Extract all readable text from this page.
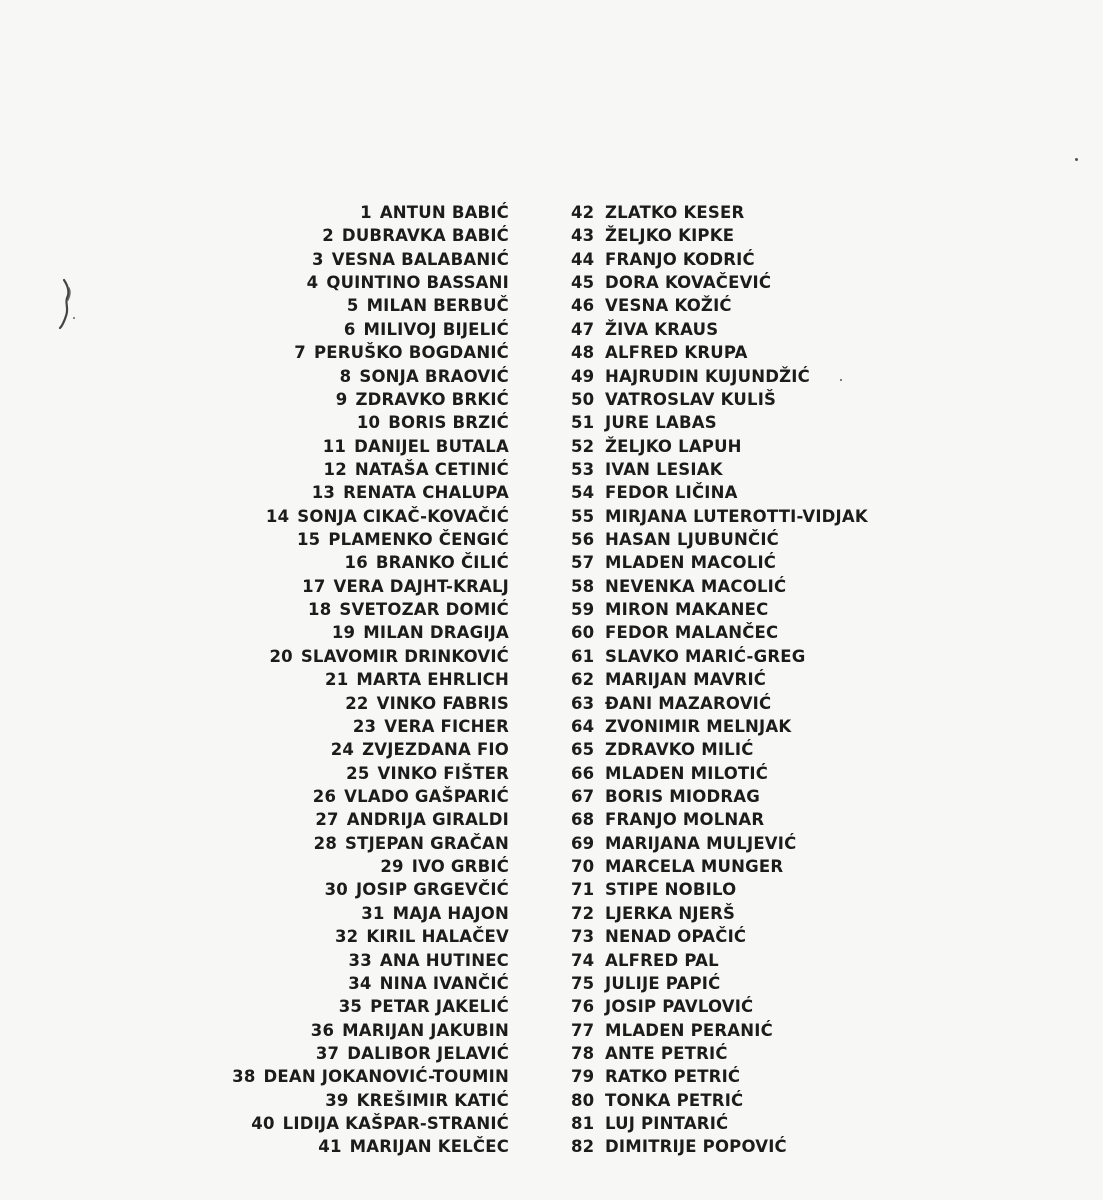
1 ANTUN BABIĆ
2 DUBRAVKA BABIĆ
3 VESNA BALABANIĆ
4 QUINTINO BASSANI
5 MILAN BERBUČ
6 MILIVOJ BIJELIĆ
7 PERUŠKO BOGDANIĆ
8 SONJA BRAOVIĆ
9 ZDRAVKO BRKIĆ
10 BORIS BRZIĆ
11 DANIJEL BUTALA
12 NATAŠA CETINIĆ
13 RENATA CHALUPA
14 SONJA CIKAČ-KOVAČIĆ
15 PLAMENKO ČENGIĆ
16 BRANKO ČILIĆ
17 VERA DAJHT-KRALJ
18 SVETOZAR DOMIĆ
19 MILAN DRAGIJA
20 SLAVOMIR DRINKOVIĆ
21 MARTA EHRLICH
22 VINKO FABRIS
23 VERA FICHER
24 ZVJEZDANA FIO
25 VINKO FIŠTER
26 VLADO GAŠPARIĆ
27 ANDRIJA GIRALDI
28 STJEPAN GRAČAN
29 IVO GRBIĆ
30 JOSIP GRGEVČIĆ
31 MAJA HAJON
32 KIRIL HALAČEV
33 ANA HUTINEC
34 NINA IVANČIĆ
35 PETAR JAKELIĆ
36 MARIJAN JAKUBIN
37 DALIBOR JELAVIĆ
38 DEAN JOKANOVIĆ-TOUMIN
39 KREŠIMIR KATIĆ
40 LIDIJA KAŠPAR-STRANIĆ
41 MARIJAN KELČEC
42 ZLATKO KESER
43 ŽELJKO KIPKE
44 FRANJO KODRIĆ
45 DORA KOVAČEVIĆ
46 VESNA KOŽIĆ
47 ŽIVA KRAUS
48 ALFRED KRUPA
49 HAJRUDIN KUJUNDŽIĆ
50 VATROSLAV KULIŠ
51 JURE LABAS
52 ŽELJKO LAPUH
53 IVAN LESIAK
54 FEDOR LIČINA
55 MIRJANA LUTEROTTI-VIDJAK
56 HASAN LJUBUNČIĆ
57 MLADEN MACOLIĆ
58 NEVENKA MACOLIĆ
59 MIRON MAKANEC
60 FEDOR MALANČEC
61 SLAVKO MARIĆ-GREG
62 MARIJAN MAVRIĆ
63 ĐANI MAZAROVIĆ
64 ZVONIMIR MELNJAK
65 ZDRAVKO MILIĆ
66 MLADEN MILOTIĆ
67 BORIS MIODRAG
68 FRANJO MOLNAR
69 MARIJANA MULJEVIĆ
70 MARCELA MUNGER
71 STIPE NOBILO
72 LJERKA NJERŠ
73 NENAD OPAČIĆ
74 ALFRED PAL
75 JULIJE PAPIĆ
76 JOSIP PAVLOVIĆ
77 MLADEN PERANIĆ
78 ANTE PETRIĆ
79 RATKO PETRIĆ
80 TONKA PETRIĆ
81 LUJ PINTARIĆ
82 DIMITRIJE POPOVIĆ
